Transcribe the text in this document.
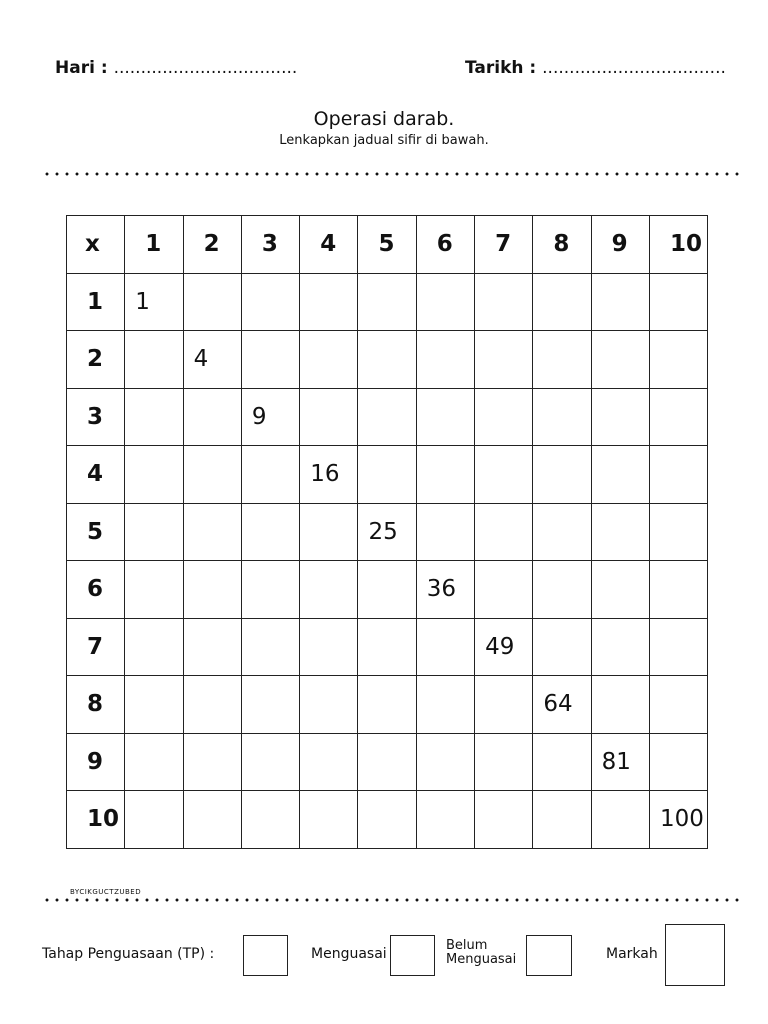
Hari : ..................................	Tarikh : ..................................
Operasi darab.
Lenkapkan jadual sifir di bawah.
x	1	2	3	4	5	6	7	8	9	10
1	1									
2		4								
3			9							
4				16						
5					25					
6						36				
7							49			
8								64		
9									81	
10										100
BYCIKGUCTZUBED
Tahap Penguasaan (TP) :	Menguasai
Belum
Menguasai	Markah
